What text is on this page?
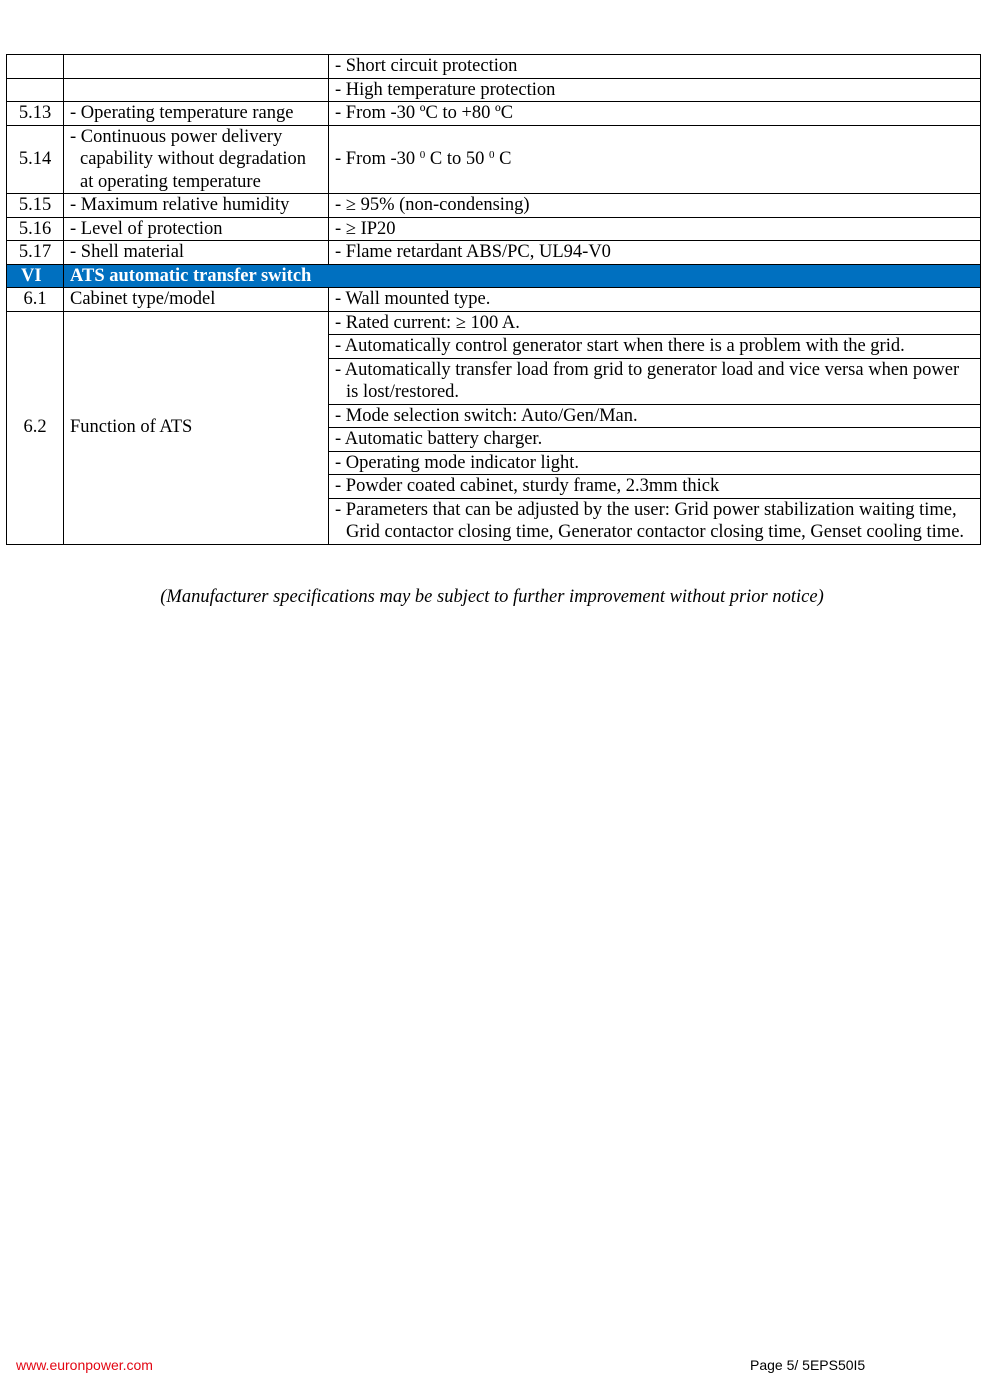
		- Short circuit protection
		- High temperature protection
5.13	- Operating temperature range	- From -30 ºC to +80 ºC
5.14	- Continuous power delivery capability without degradation at operating temperature	- From -30 $^0$ C to 50 $^0$ C
5.15	- Maximum relative humidity	- ≥ 95% (non-condensing)
5.16	- Level of protection	- ≥ IP20
5.17	- Shell material	- Flame retardant ABS/PC, UL94-V0
VI	ATS automatic transfer switch	
6.1	Cabinet type/model	- Wall mounted type.
6.2	Function of ATS	- Rated current: ≥ 100 A.
		- Automatically control generator start when there is a problem with the grid.

		- Automatically transfer load from grid to generator load and vice versa when power is lost/restored.

		- Mode selection switch: Auto/Gen/Man.
		- Automatic battery charger.
		- Operating mode indicator light.
		- Powder coated cabinet, sturdy frame, 2.3mm thick

		- Parameters that can be adjusted by the user: Grid power stabilization waiting time, Grid contactor closing time, Generator contactor closing time, Genset cooling time.
(Manufacturer specifications may be subject to further improvement without prior notice)
www.euronpower.com	Page 5/ 5EPS50I5
